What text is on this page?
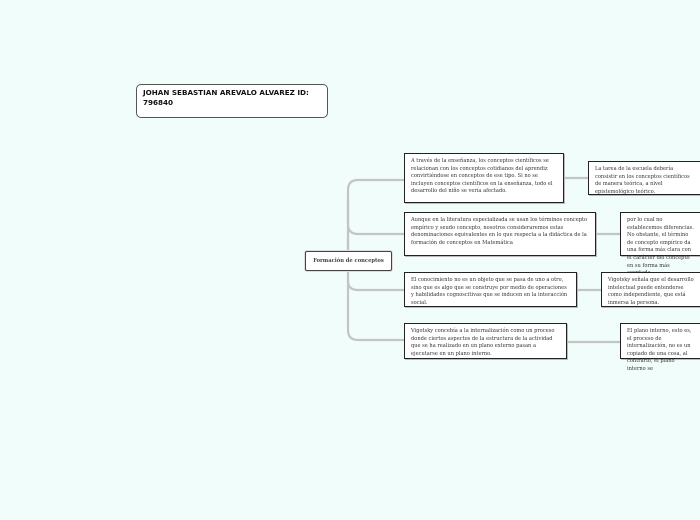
JOHAN SEBASTIAN AREVALO ALVAREZ ID: 796840
Formación de conceptos
A través de la enseñanza, los conceptos científicos se relacionan con los conceptos cotidianos del aprendiz convirtiéndose en conceptos de ese tipo. Si no se incluyen conceptos científicos en la enseñanza, todo el desarrollo del niño se vería afectado.
La tarea de la escuela debería consistir en los conceptos científicos de manera teórica, a nivel epistemológico teórico.
Aunque en la literatura especializada se usan los términos concepto empírico y seudo concepto, nosotros consideraremos estas denominaciones equivalentes en lo que respecta a la didáctica de la formación de conceptos en Matemática
por lo cual no establecemos diferencias. No obstante, el término de concepto empírico da una forma más clara con el carácter del concepto en su forma más
El conocimiento no es un objeto que se pasa de uno a otro, sino que es algo que se construye por medio de operaciones y habilidades cognoscitivas que se inducen en la interacción social.
Vigotsky señala que el desarrollo intelectual puede entenderse como independiente, que está inmersa la persona.
Vigotsky concebía a la internalización como un proceso donde ciertos aspectos de la estructura de la actividad que se ha realizado en un plano externo pasan a ejecutarse en un plano interno.
El plano interno, esto es, el proceso de internalización, no es un copiado de una cosa, al contrario, el plano interno se
